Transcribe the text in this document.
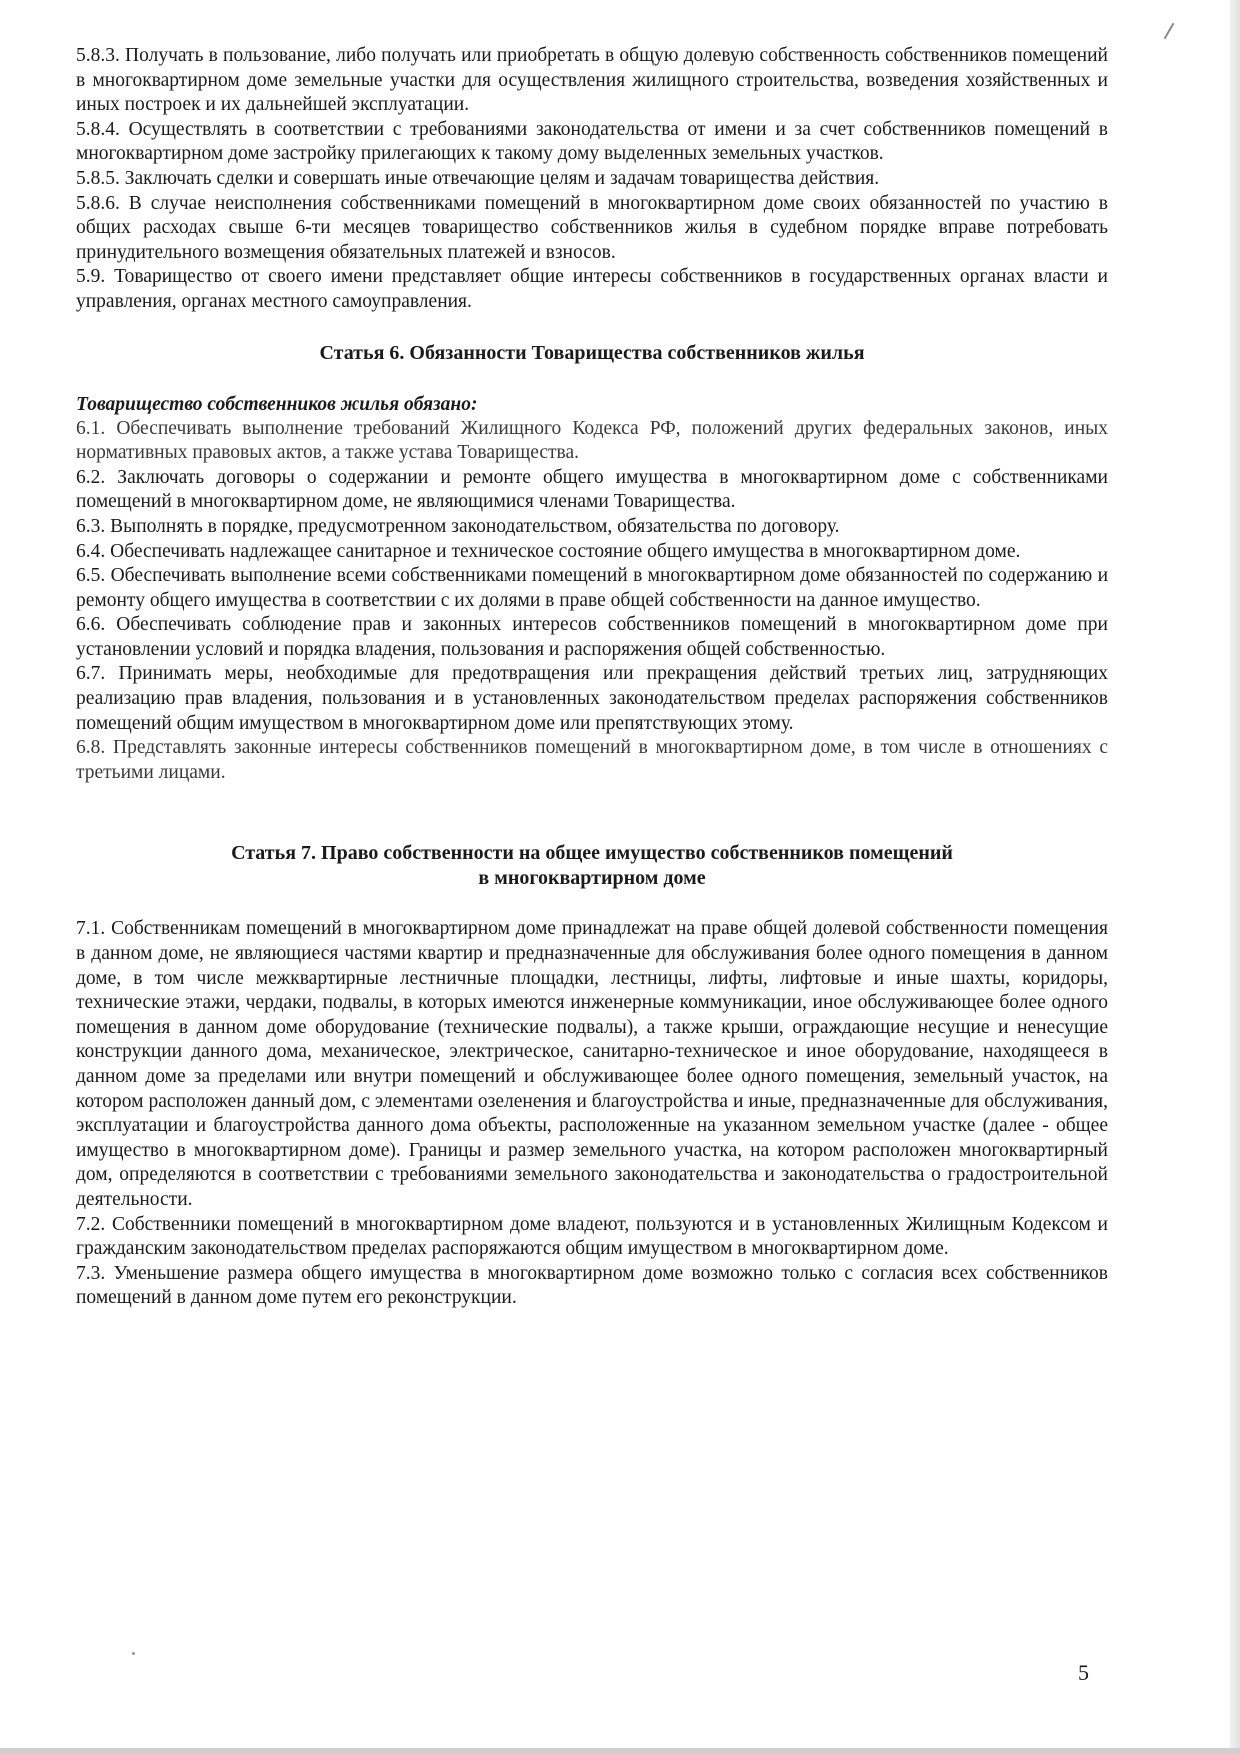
5.8.3. Получать в пользование, либо получать или приобретать в общую долевую собственность собственников помещений в многоквартирном доме земельные участки для осуществления жилищного строительства, возведения хозяйственных и иных построек и их дальнейшей эксплуатации.

5.8.4. Осуществлять в соответствии с требованиями законодательства от имени и за счет собственников помещений в многоквартирном доме застройку прилегающих к такому дому выделенных земельных участков.

5.8.5. Заключать сделки и совершать иные отвечающие целям и задачам товарищества действия.

5.8.6. В случае неисполнения собственниками помещений в многоквартирном доме своих обязанностей по участию в общих расходах свыше 6-ти месяцев товарищество собственников жилья в судебном порядке вправе потребовать принудительного возмещения обязательных платежей и взносов.

5.9. Товарищество от своего имени представляет общие интересы собственников в государственных органах власти и управления, органах местного самоуправления.

Статья 6. Обязанности Товарищества собственников жилья

Товарищество собственников жилья обязано:

6.1. Обеспечивать выполнение требований Жилищного Кодекса РФ, положений других федеральных законов, иных нормативных правовых актов, а также устава Товарищества.

6.2. Заключать договоры о содержании и ремонте общего имущества в многоквартирном доме с собственниками помещений в многоквартирном доме, не являющимися членами Товарищества.

6.3. Выполнять в порядке, предусмотренном законодательством, обязательства по договору.

6.4. Обеспечивать надлежащее санитарное и техническое состояние общего имущества в многоквартирном доме.

6.5. Обеспечивать выполнение всеми собственниками помещений в многоквартирном доме обязанностей по содержанию и ремонту общего имущества в соответствии с их долями в праве общей собственности на данное имущество.

6.6. Обеспечивать соблюдение прав и законных интересов собственников помещений в многоквартирном доме при установлении условий и порядка владения, пользования и распоряжения общей собственностью.

6.7. Принимать меры, необходимые для предотвращения или прекращения действий третьих лиц, затрудняющих реализацию прав владения, пользования и в установленных законодательством пределах распоряжения собственников помещений общим имуществом в многоквартирном доме или препятствующих этому.

6.8. Представлять законные интересы собственников помещений в многоквартирном доме, в том числе в отношениях с третьими лицами.

Статья 7. Право собственности на общее имущество собственников помещений
в многоквартирном доме

7.1. Собственникам помещений в многоквартирном доме принадлежат на праве общей долевой собственности помещения в данном доме, не являющиеся частями квартир и предназначенные для обслуживания более одного помещения в данном доме, в том числе межквартирные лестничные площадки, лестницы, лифты, лифтовые и иные шахты, коридоры, технические этажи, чердаки, подвалы, в которых имеются инженерные коммуникации, иное обслуживающее более одного помещения в данном доме оборудование (технические подвалы), а также крыши, ограждающие несущие и ненесущие конструкции данного дома, механическое, электрическое, санитарно-техническое и иное оборудование, находящееся в данном доме за пределами или внутри помещений и обслуживающее более одного помещения, земельный участок, на котором расположен данный дом, с элементами озеленения и благоустройства и иные, предназначенные для обслуживания, эксплуатации и благоустройства данного дома объекты, расположенные на указанном земельном участке (далее - общее имущество в многоквартирном доме). Границы и размер земельного участка, на котором расположен многоквартирный дом, определяются в соответствии с требованиями земельного законодательства и законодательства о градостроительной деятельности.

7.2. Собственники помещений в многоквартирном доме владеют, пользуются и в установленных Жилищным Кодексом и гражданским законодательством пределах распоряжаются общим имуществом в многоквартирном доме.

7.3. Уменьшение размера общего имущества в многоквартирном доме возможно только с согласия всех собственников помещений в данном доме путем его реконструкции.

5
